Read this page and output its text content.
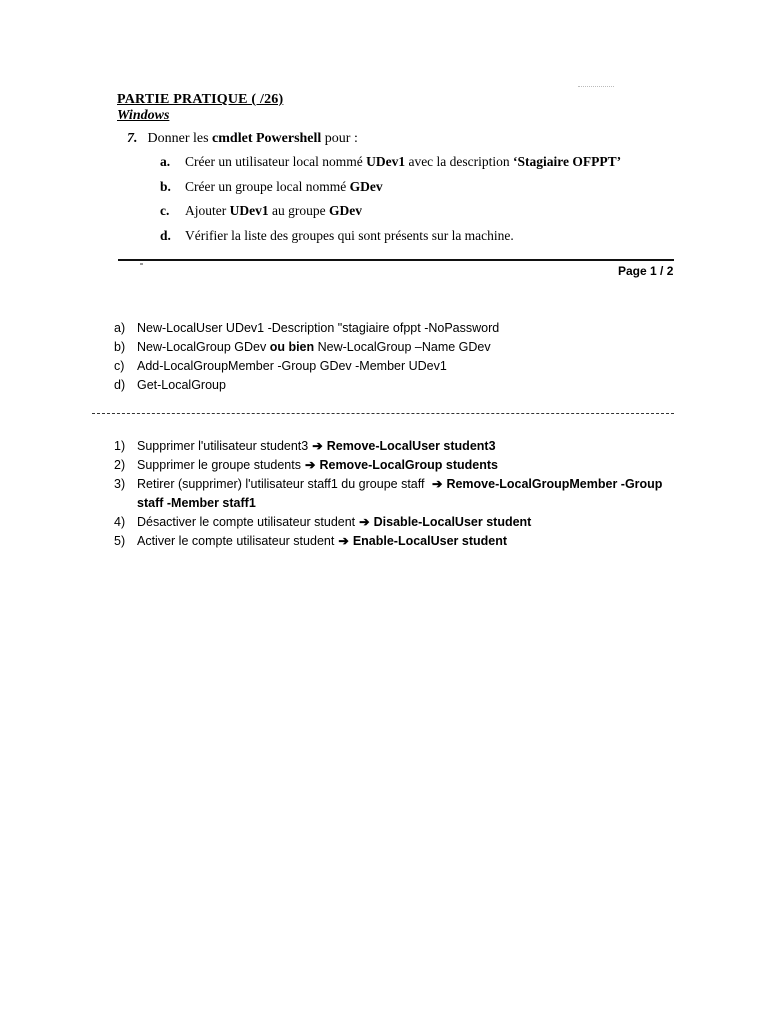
PARTIE PRATIQUE ( /26)
Windows
7. Donner les cmdlet Powershell pour :
a. Créer un utilisateur local nommé UDev1 avec la description ‘Stagiaire OFPPT’
b. Créer un groupe local nommé GDev
c. Ajouter UDev1 au groupe GDev
d. Vérifier la liste des groupes qui sont présents sur la machine.
Page 1 / 2
a) New-LocalUser UDev1 -Description "stagiaire ofppt -NoPassword
b) New-LocalGroup GDev ou bien New-LocalGroup –Name GDev
c) Add-LocalGroupMember -Group GDev -Member UDev1
d) Get-LocalGroup
1) Supprimer l'utilisateur student3 ➔ Remove-LocalUser student3
2) Supprimer le groupe students ➔ Remove-LocalGroup students
3) Retirer (supprimer) l'utilisateur staff1 du groupe staff ➔ Remove-LocalGroupMember -Group staff -Member staff1
4) Désactiver le compte utilisateur student ➔ Disable-LocalUser student
5) Activer le compte utilisateur student ➔ Enable-LocalUser student
